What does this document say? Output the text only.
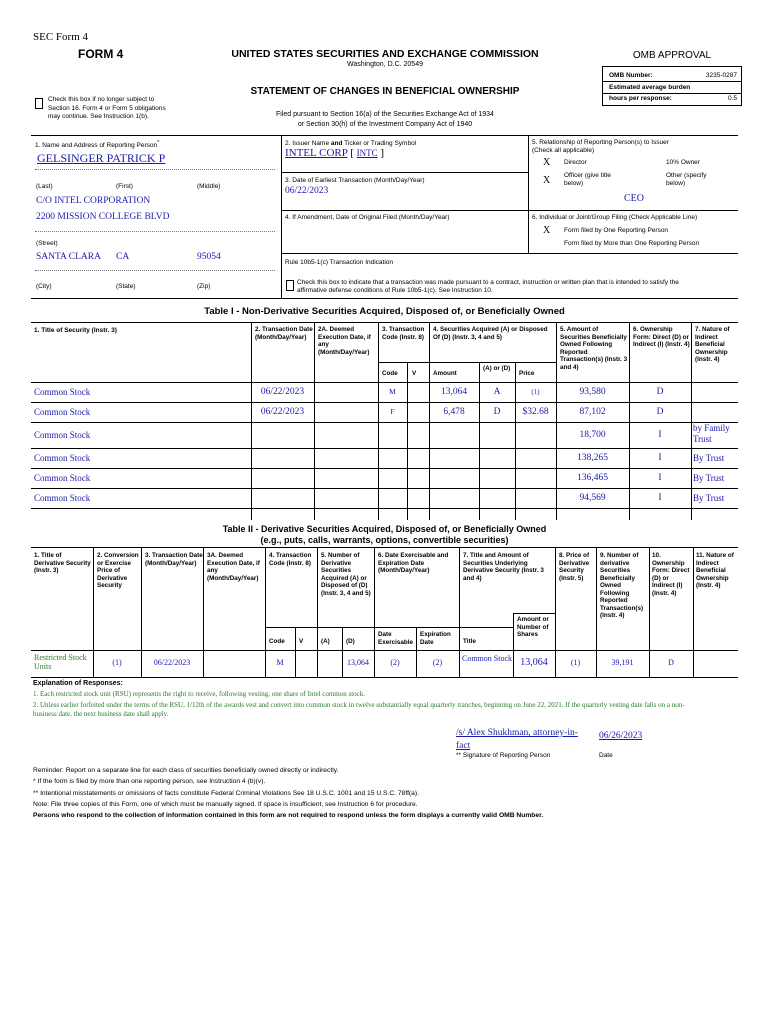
SEC Form 4
FORM 4	UNITED STATES SECURITIES AND EXCHANGE COMMISSION
Washington, D.C. 20549
STATEMENT OF CHANGES IN BENEFICIAL OWNERSHIP
Filed pursuant to Section 16(a) of the Securities Exchange Act of 1934
or Section 30(h) of the Investment Company Act of 1940
Check this box if no longer subject to
Section 16. Form 4 or Form 5 obligations
may continue. See Instruction 1(b).
OMB APPROVAL
OMB Number:	3235-0287
Estimated average burden
hours per response:	0.5
1. Name and Address of Reporting Person*
GELSINGER PATRICK P
(Last)	(First)	(Middle)
C/O INTEL CORPORATION
2200 MISSION COLLEGE BLVD
(Street)
SANTA CLARA CA	95054
(City)	(State)	(Zip)
2. Issuer Name and Ticker or Trading Symbol
INTEL CORP [ INTC ]
3. Date of Earliest Transaction (Month/Day/Year)
06/22/2023
4. If Amendment, Date of Original Filed (Month/Day/Year)
5. Relationship of Reporting Person(s) to Issuer
(Check all applicable)
X Director	10% Owner
X Officer (give title
below)
Other (specify
below)
CEO
6. Individual or Joint/Group Filing (Check Applicable Line)
X Form filed by One Reporting Person
Form filed by More than One Reporting Person
Rule 10b5-1(c) Transaction Indication
Check this box to indicate that a transaction was made pursuant to a contract, instruction or written plan that is intended to satisfy the
affirmative defense conditions of Rule 10b5-1(c). See Instruction 10.
Table I - Non-Derivative Securities Acquired, Disposed of, or Beneficially Owned
1. Title of Security (Instr. 3)	2. Transaction Date (Month/Day/Year)
2A. Deemed Execution Date, if any (Month/Day/Year)
3. Transaction Code (Instr. 8)
4. Securities Acquired (A) or Disposed Of (D) (Instr. 3, 4 and 5)
5. Amount of Securities Beneficially Owned Following Reported Transaction(s) (Instr. 3 and 4)
6. Ownership Form: Direct (D) or Indirect (I) (Instr. 4)
7. Nature of Indirect Beneficial Ownership (Instr. 4)
Code V	Amount
(A) or (D)
Price
Common Stock	06/22/2023	M	13,064	A	(1)	93,580	D
Common Stock	06/22/2023	F	6,478	D	$32.68	87,102	D
Common Stock	18,700	I
by Family Trust
Common Stock	138,265	I	By Trust
Common Stock	136,465	I	By Trust
Common Stock	94,569	I	By Trust
Table II - Derivative Securities Acquired, Disposed of, or Beneficially Owned
(e.g., puts, calls, warrants, options, convertible securities)
1. Title of Derivative Security (Instr. 3)
2. Conversion or Exercise Price of Derivative Security
3. Transaction Date (Month/Day/Year)
3A. Deemed Execution Date, if any (Month/Day/Year)
4. Transaction Code (Instr. 8)
5. Number of Derivative Securities Acquired (A) or Disposed of (D) (Instr. 3, 4 and 5)
6. Date Exercisable and Expiration Date (Month/Day/Year)
7. Title and Amount of Securities Underlying Derivative Security (Instr. 3 and 4)
8. Price of Derivative Security (Instr. 5)
9. Number of derivative Securities Beneficially Owned Following Reported Transaction(s) (Instr. 4)
10. Ownership Form: Direct (D) or Indirect (I) (Instr. 4)
11. Nature of Indirect Beneficial Ownership (Instr. 4)
Code V	(A)	(D)
Date Exercisable
Expiration Date	Title
Amount or Number of Shares
Restricted Stock Units	(1)	06/22/2023	M	13,064	(2)	(2)	Common Stock 13,064	(1)	39,191	D
Explanation of Responses:
1. Each restricted stock unit (RSU) represents the right to receive, following vesting, one share of Intel common stock.
2. Unless earlier forfeited under the terms of the RSU, 1/12th of the awards vest and convert into common stock in twelve substantially equal quarterly tranches, beginning on June 22, 2021. If the quarterly vesting date falls on a non-
business date, the next business date shall apply.
/s/ Alex Shukhman, attorney-in-
fact
06/26/2023
** Signature of Reporting Person	Date
Reminder: Report on a separate line for each class of securities beneficially owned directly or indirectly.
* If the form is filed by more than one reporting person, see Instruction 4 (b)(v).
** Intentional misstatements or omissions of facts constitute Federal Criminal Violations See 18 U.S.C. 1001 and 15 U.S.C. 78ff(a).
Note: File three copies of this Form, one of which must be manually signed. If space is insufficient, see Instruction 6 for procedure.
Persons who respond to the collection of information contained in this form are not required to respond unless the form displays a currently valid OMB Number.
